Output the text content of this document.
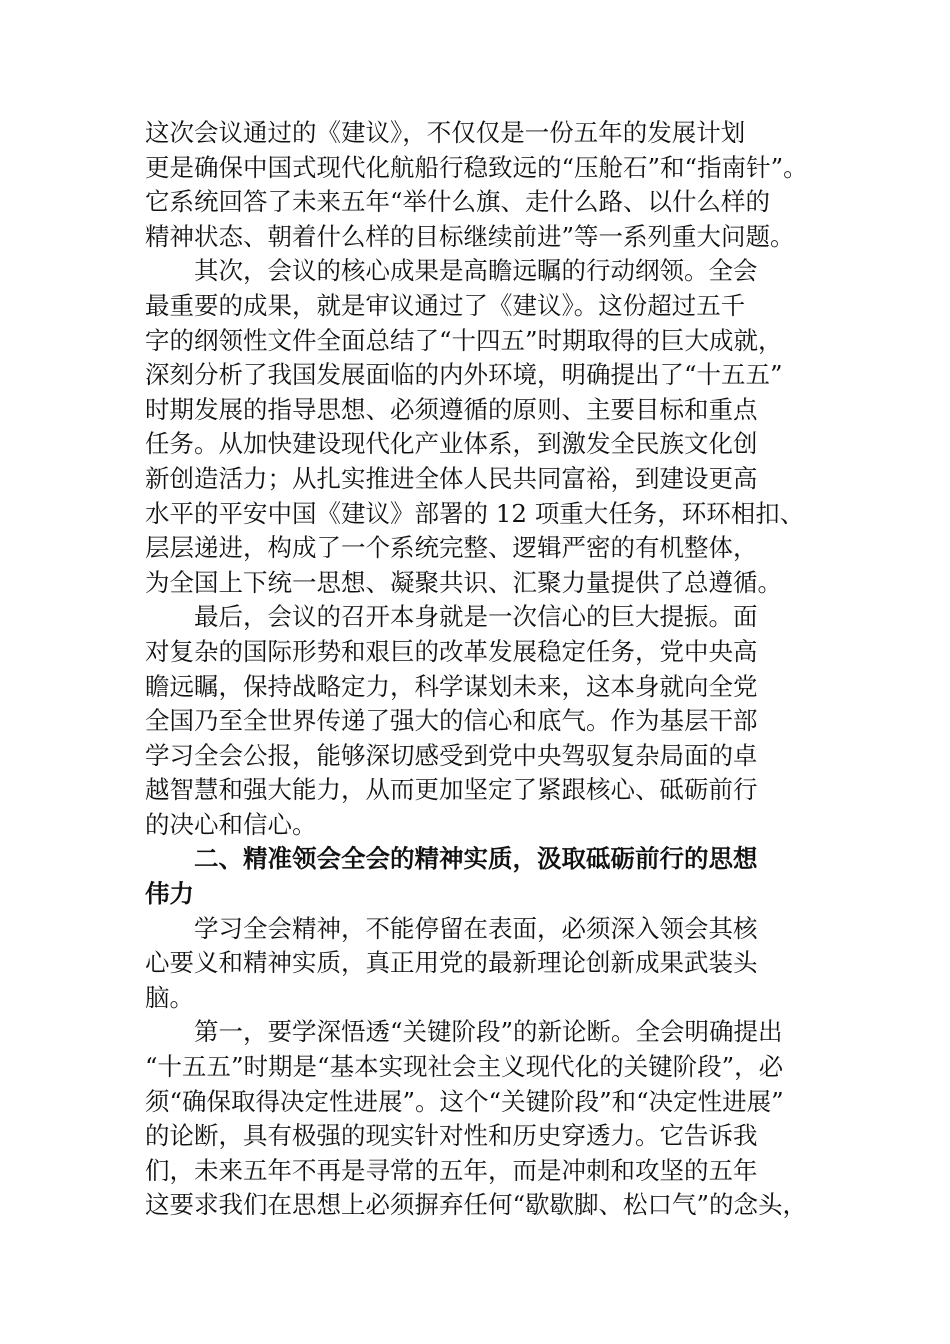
这次会议通过的《建议》，不仅仅是一份五年的发展计划
更是确保中国式现代化航船行稳致远的“压舱石”和“指南针”。
它系统回答了未来五年“举什么旗、走什么路、以什么样的
精神状态、朝着什么样的目标继续前进”等一系列重大问题。
其次，会议的核心成果是高瞻远瞩的行动纲领。全会
最重要的成果，就是审议通过了《建议》。这份超过五千
字的纲领性文件全面总结了“十四五”时期取得的巨大成就，
深刻分析了我国发展面临的内外环境，明确提出了“十五五”
时期发展的指导思想、必须遵循的原则、主要目标和重点
任务。从加快建设现代化产业体系，到激发全民族文化创
新创造活力；从扎实推进全体人民共同富裕，到建设更高
水平的平安中国《建议》部署的 12 项重大任务，环环相扣、
层层递进，构成了一个系统完整、逻辑严密的有机整体，
为全国上下统一思想、凝聚共识、汇聚力量提供了总遵循。
最后，会议的召开本身就是一次信心的巨大提振。面
对复杂的国际形势和艰巨的改革发展稳定任务，党中央高
瞻远瞩，保持战略定力，科学谋划未来，这本身就向全党
全国乃至全世界传递了强大的信心和底气。作为基层干部
学习全会公报，能够深切感受到党中央驾驭复杂局面的卓
越智慧和强大能力，从而更加坚定了紧跟核心、砥砺前行
的决心和信心。
二、精准领会全会的精神实质，汲取砥砺前行的思想
伟力
学习全会精神，不能停留在表面，必须深入领会其核
心要义和精神实质，真正用党的最新理论创新成果武装头
脑。
第一，要学深悟透“关键阶段”的新论断。全会明确提出
“十五五”时期是“基本实现社会主义现代化的关键阶段”，必
须“确保取得决定性进展”。这个“关键阶段”和“决定性进展”
的论断，具有极强的现实针对性和历史穿透力。它告诉我
们，未来五年不再是寻常的五年，而是冲刺和攻坚的五年
这要求我们在思想上必须摒弃任何“歇歇脚、松口气”的念头，
